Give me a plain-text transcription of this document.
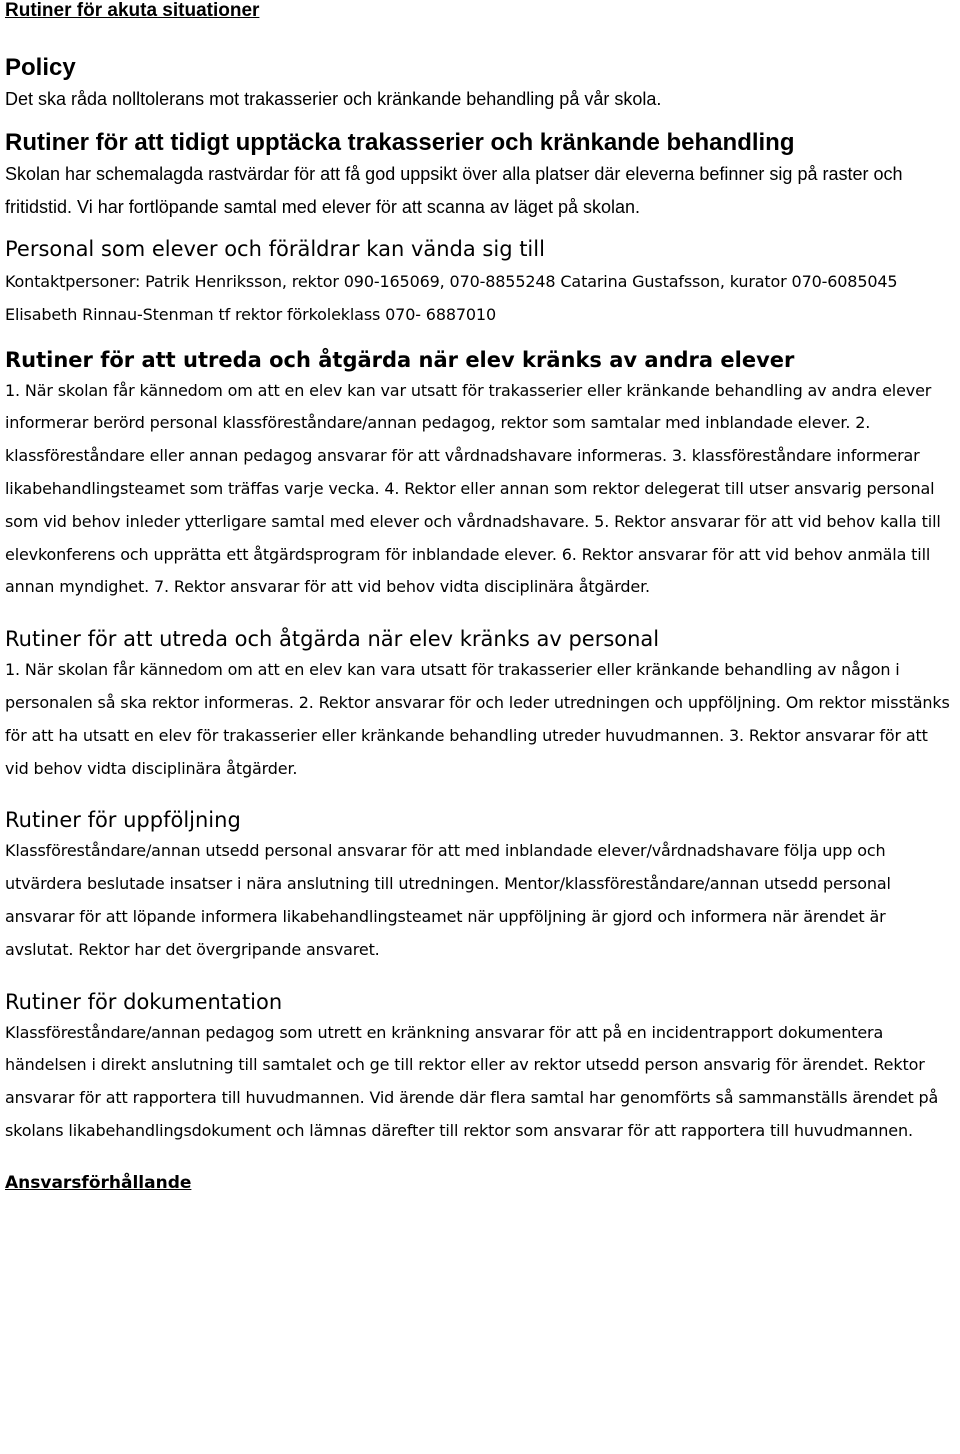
Rutiner för akuta situationer
Policy

Det ska råda nolltolerans mot trakasserier och kränkande behandling på vår skola.

Rutiner för att tidigt upptäcka trakasserier och kränkande behandling

Skolan har schemalagda rastvärdar för att få god uppsikt över alla platser där eleverna befinner sig på raster och fritidstid. Vi har fortlöpande samtal med elever för att scanna av läget på skolan.

Personal som elever och föräldrar kan vända sig till

Kontaktpersoner: Patrik Henriksson, rektor 090-165069, 070-8855248 Catarina Gustafsson, kurator 070-6085045 Elisabeth Rinnau-Stenman tf rektor förkoleklass 070- 6887010

Rutiner för att utreda och åtgärda när elev kränks av andra elever

1. När skolan får kännedom om att en elev kan var utsatt för trakasserier eller kränkande behandling av andra elever informerar berörd personal klassföreståndare/annan pedagog, rektor som samtalar med inblandade elever. 2. klassföreståndare eller annan pedagog ansvarar för att vårdnadshavare informeras. 3. klassföreståndare informerar likabehandlingsteamet som träffas varje vecka. 4. Rektor eller annan som rektor delegerat till utser ansvarig personal som vid behov inleder ytterligare samtal med elever och vårdnadshavare. 5. Rektor ansvarar för att vid behov kalla till elevkonferens och upprätta ett åtgärdsprogram för inblandade elever. 6. Rektor ansvarar för att vid behov anmäla till annan myndighet. 7. Rektor ansvarar för att vid behov vidta disciplinära åtgärder.

Rutiner för att utreda och åtgärda när elev kränks av personal

1. När skolan får kännedom om att en elev kan vara utsatt för trakasserier eller kränkande behandling av någon i personalen så ska rektor informeras. 2. Rektor ansvarar för och leder utredningen och uppföljning. Om rektor misstänks för att ha utsatt en elev för trakasserier eller kränkande behandling utreder huvudmannen. 3. Rektor ansvarar för att vid behov vidta disciplinära åtgärder.

Rutiner för uppföljning

Klassföreståndare/annan utsedd personal ansvarar för att med inblandade elever/vårdnadshavare följa upp och utvärdera beslutade insatser i nära anslutning till utredningen. Mentor/klassföreståndare/annan utsedd personal ansvarar för att löpande informera likabehandlingsteamet när uppföljning är gjord och informera när ärendet är avslutat. Rektor har det övergripande ansvaret.

Rutiner för dokumentation

Klassföreståndare/annan pedagog som utrett en kränkning ansvarar för att på en incidentrapport dokumentera händelsen i direkt anslutning till samtalet och ge till rektor eller av rektor utsedd person ansvarig för ärendet. Rektor ansvarar för att rapportera till huvudmannen. Vid ärende där flera samtal har genomförts så sammanställs ärendet på skolans likabehandlingsdokument och lämnas därefter till rektor som ansvarar för att rapportera till huvudmannen.

Ansvarsförhållande
